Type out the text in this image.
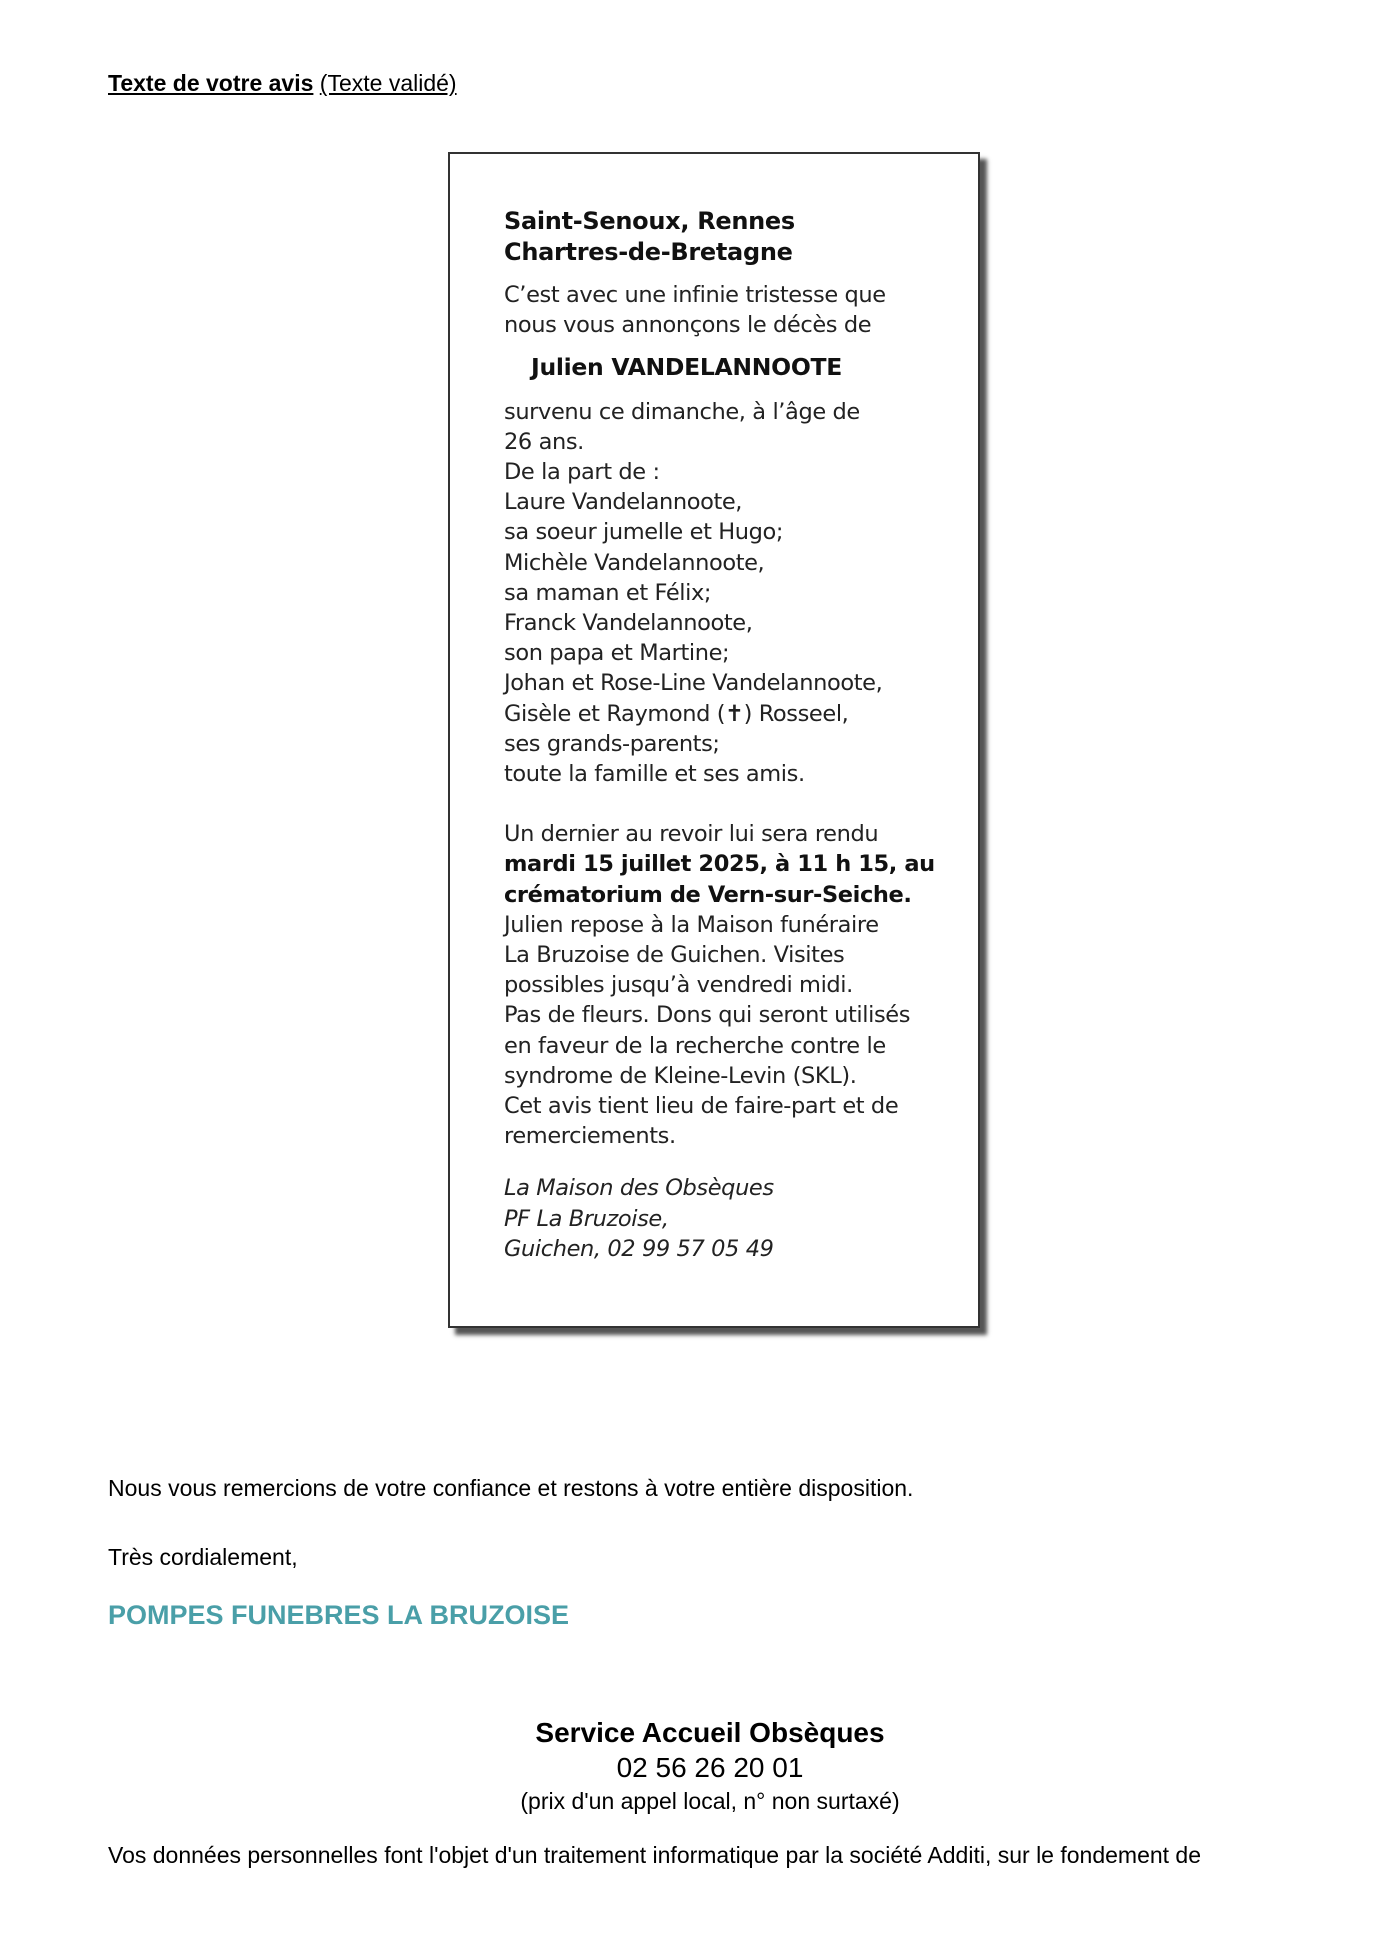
Texte de votre avis (Texte validé)
Saint-Senoux, Rennes
Chartres-de-Bretagne
C’est avec une infinie tristesse que
nous vous annonçons le décès de
Julien VANDELANNOOTE
survenu ce dimanche, à l’âge de
26 ans.
De la part de :
Laure Vandelannoote,
sa soeur jumelle et Hugo;
Michèle Vandelannoote,
sa maman et Félix;
Franck Vandelannoote,
son papa et Martine;
Johan et Rose-Line Vandelannoote,
Gisèle et Raymond (✝) Rosseel,
ses grands-parents;
toute la famille et ses amis.
Un dernier au revoir lui sera rendu
mardi 15 juillet 2025, à 11 h 15, au
crématorium de Vern-sur-Seiche.
Julien repose à la Maison funéraire
La Bruzoise de Guichen. Visites
possibles jusqu’à vendredi midi.
Pas de fleurs. Dons qui seront utilisés
en faveur de la recherche contre le
syndrome de Kleine-Levin (SKL).
Cet avis tient lieu de faire-part et de
remerciements.
La Maison des Obsèques
PF La Bruzoise,
Guichen, 02 99 57 05 49
Nous vous remercions de votre confiance et restons à votre entière disposition.
Très cordialement,
POMPES FUNEBRES LA BRUZOISE
Service Accueil Obsèques
02 56 26 20 01
(prix d'un appel local, n° non surtaxé)
Vos données personnelles font l'objet d'un traitement informatique par la société Additi, sur le fondement de
